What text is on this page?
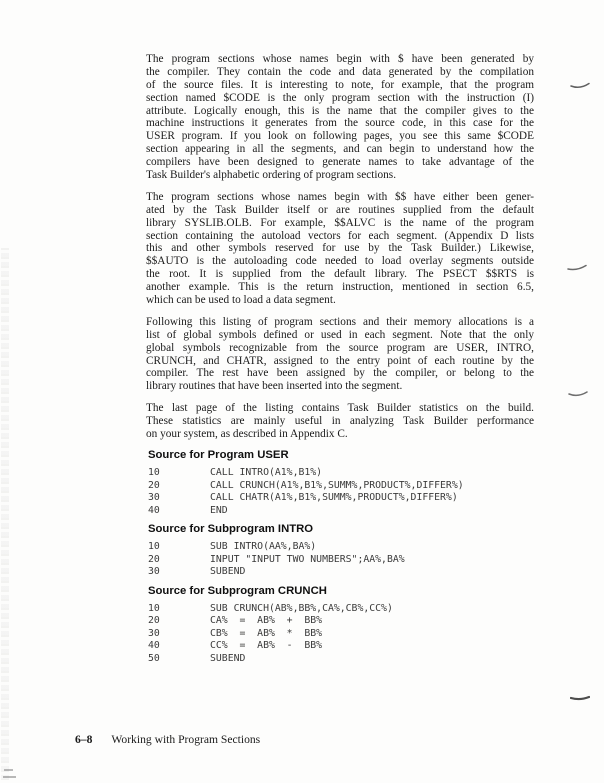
The program sections whose names begin with $ have been generated by
the compiler. They contain the code and data generated by the compilation
of the source files. It is interesting to note, for example, that the program
section named $CODE is the only program section with the instruction (I)
attribute. Logically enough, this is the name that the compiler gives to the
machine instructions it generates from the source code, in this case for the
USER program. If you look on following pages, you see this same $CODE
section appearing in all the segments, and can begin to understand how the
compilers have been designed to generate names to take advantage of the
Task Builder's alphabetic ordering of program sections.
The program sections whose names begin with $$ have either been gener-
ated by the Task Builder itself or are routines supplied from the default
library SYSLIB.OLB. For example, $$ALVC is the name of the program
section containing the autoload vectors for each segment. (Appendix D lists
this and other symbols reserved for use by the Task Builder.) Likewise,
$$AUTO is the autoloading code needed to load overlay segments outside
the root. It is supplied from the default library. The PSECT $$RTS is
another example. This is the return instruction, mentioned in section 6.5,
which can be used to load a data segment.
Following this listing of program sections and their memory allocations is a
list of global symbols defined or used in each segment. Note that the only
global symbols recognizable from the source program are USER, INTRO,
CRUNCH, and CHATR, assigned to the entry point of each routine by the
compiler. The rest have been assigned by the compiler, or belong to the
library routines that have been inserted into the segment.
The last page of the listing contains Task Builder statistics on the build.
These statistics are mainly useful in analyzing Task Builder performance
on your system, as described in Appendix C.
Source for Program USER
10	CALL INTRO(A1%,B1%)
20	CALL CRUNCH(A1%,B1%,SUMM%,PRODUCT%,DIFFER%)
30	CALL CHATR(A1%,B1%,SUMM%,PRODUCT%,DIFFER%)
40	END
Source for Subprogram INTRO
10	SUB INTRO(AA%,BA%)
20	INPUT "INPUT TWO NUMBERS";AA%,BA%
30	SUBEND
Source for Subprogram CRUNCH
10	SUB CRUNCH(AB%,BB%,CA%,CB%,CC%)
20	CA%  =  AB%  +  BB%
30	CB%  =  AB%  *  BB%
40	CC%  =  AB%  -  BB%
50	SUBEND
6–8 Working with Program Sections
